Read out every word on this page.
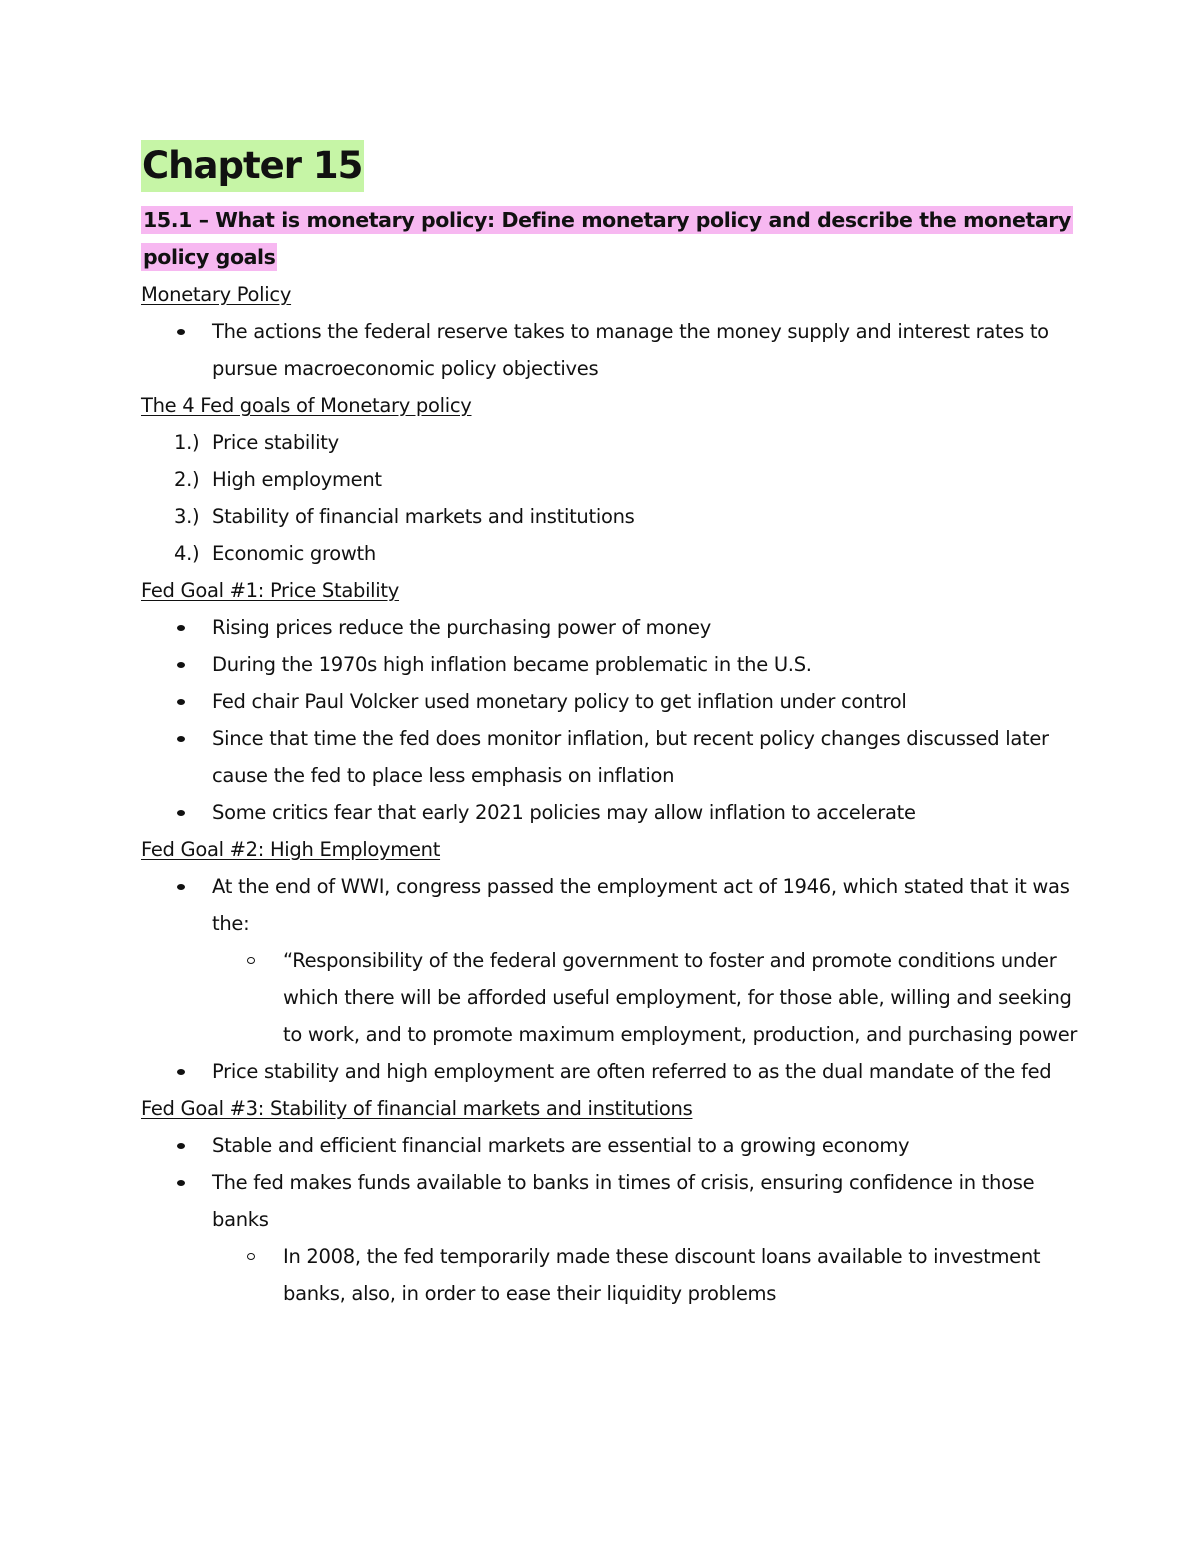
Chapter 15
15.1 – What is monetary policy: Define monetary policy and describe the monetary policy goals
Monetary Policy
The actions the federal reserve takes to manage the money supply and interest rates to pursue macroeconomic policy objectives
The 4 Fed goals of Monetary policy
1.) Price stability
2.) High employment
3.) Stability of financial markets and institutions
4.) Economic growth
Fed Goal #1: Price Stability
Rising prices reduce the purchasing power of money
During the 1970s high inflation became problematic in the U.S.
Fed chair Paul Volcker used monetary policy to get inflation under control
Since that time the fed does monitor inflation, but recent policy changes discussed later cause the fed to place less emphasis on inflation
Some critics fear that early 2021 policies may allow inflation to accelerate
Fed Goal #2: High Employment
At the end of WWI, congress passed the employment act of 1946, which stated that it was the:
“Responsibility of the federal government to foster and promote conditions under which there will be afforded useful employment, for those able, willing and seeking to work, and to promote maximum employment, production, and purchasing power
Price stability and high employment are often referred to as the dual mandate of the fed
Fed Goal #3: Stability of financial markets and institutions
Stable and efficient financial markets are essential to a growing economy
The fed makes funds available to banks in times of crisis, ensuring confidence in those banks
In 2008, the fed temporarily made these discount loans available to investment banks, also, in order to ease their liquidity problems
